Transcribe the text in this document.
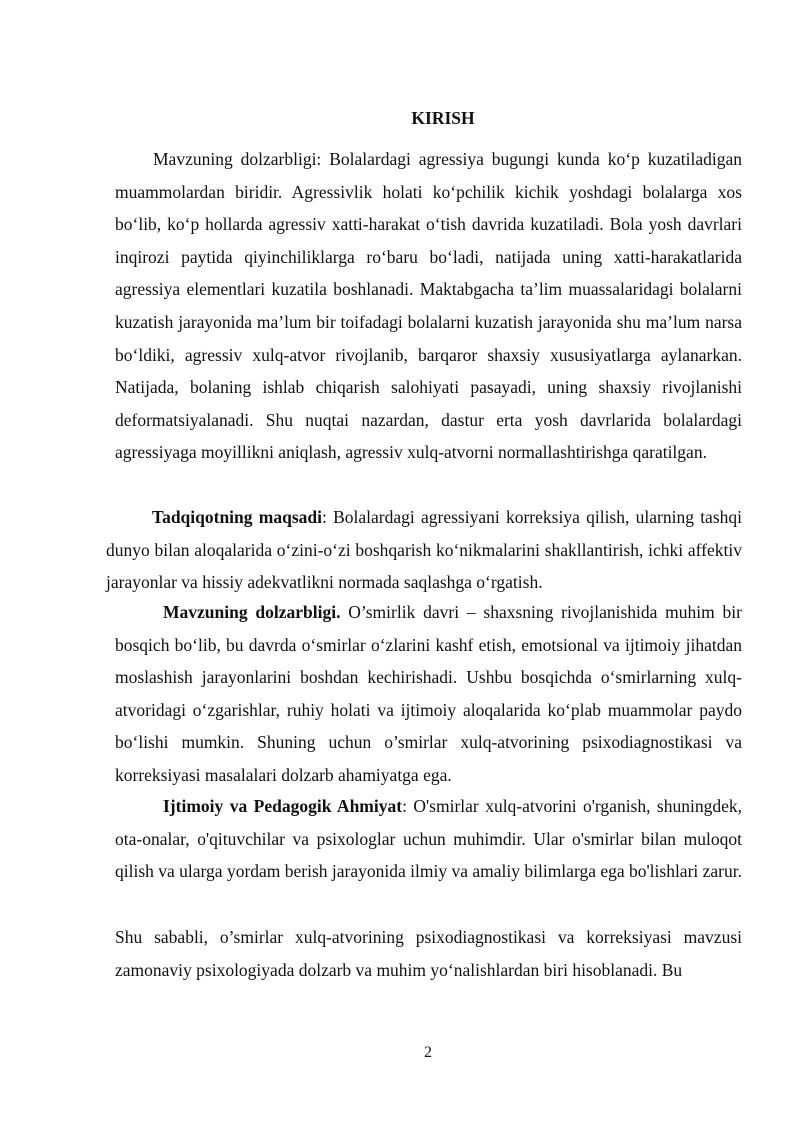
KIRISH

Mavzuning dolzarbligi: Bolalardagi agressiya bugungi kunda ko‘p kuzatiladigan muammolardan biridir. Agressivlik holati ko‘pchilik kichik yoshdagi bolalarga xos bo‘lib, ko‘p hollarda agressiv xatti-harakat o‘tish davrida kuzatiladi. Bola yosh davrlari inqirozi paytida qiyinchiliklarga ro‘baru bo‘ladi, natijada uning xatti-harakatlarida agressiya elementlari kuzatila boshlanadi. Maktabgacha ta’lim muassalaridagi bolalarni kuzatish jarayonida ma’lum bir toifadagi bolalarni kuzatish jarayonida shu ma’lum narsa bo‘ldiki, agressiv xulq-atvor rivojlanib, barqaror shaxsiy xususiyatlarga aylanarkan. Natijada, bolaning ishlab chiqarish salohiyati pasayadi, uning shaxsiy rivojlanishi deformatsiyalanadi. Shu nuqtai nazardan, dastur erta yosh davrlarida bolalardagi agressiyaga moyillikni aniqlash, agressiv xulq-atvorni normallashtirishga qaratilgan.

Tadqiqotning maqsadi: Bolalardagi agressiyani korreksiya qilish, ularning tashqi dunyo bilan aloqalarida o‘zini-o‘zi boshqarish ko‘nikmalarini shakllantirish, ichki affektiv jarayonlar va hissiy adekvatlikni normada saqlashga o‘rgatish.

Mavzuning dolzarbligi. O’smirlik davri – shaxsning rivojlanishida muhim bir bosqich bo‘lib, bu davrda o‘smirlar o‘zlarini kashf etish, emotsional va ijtimoiy jihatdan moslashish jarayonlarini boshdan kechirishadi. Ushbu bosqichda o‘smirlarning xulq-atvoridagi o‘zgarishlar, ruhiy holati va ijtimoiy aloqalarida ko‘plab muammolar paydo bo‘lishi mumkin. Shuning uchun o’smirlar xulq-atvorining psixodiagnostikasi va korreksiyasi masalalari dolzarb ahamiyatga ega.

Ijtimoiy va Pedagogik Ahmiyat: O'smirlar xulq-atvorini o'rganish, shuningdek, ota-onalar, o'qituvchilar va psixologlar uchun muhimdir. Ular o'smirlar bilan muloqot qilish va ularga yordam berish jarayonida ilmiy va amaliy bilimlarga ega bo'lishlari zarur.

Shu sababli, o’smirlar xulq-atvorining psixodiagnostikasi va korreksiyasi mavzusi zamonaviy psixologiyada dolzarb va muhim yo‘nalishlardan biri hisoblanadi. Bu

2
